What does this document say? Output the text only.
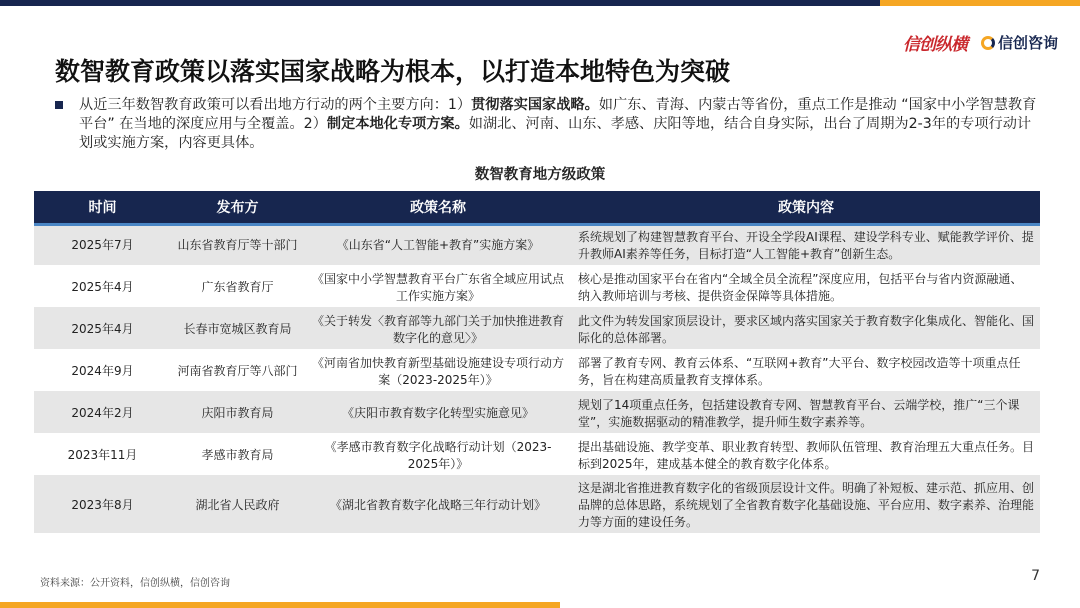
信创纵横 信创咨询
数智教育政策以落实国家战略为根本，以打造本地特色为突破
从近三年数智教育政策可以看出地方行动的两个主要方向：1）贯彻落实国家战略。如广东、青海、内蒙古等省份，重点工作是推动 “国家中小学智慧教育平台” 在当地的深度应用与全覆盖。2）制定本地化专项方案。如湖北、河南、山东、孝感、庆阳等地，结合自身实际，出台了周期为2-3年的专项行动计划或实施方案，内容更具体。
数智教育地方级政策
时间	发布方	政策名称	政策内容
2025年7月	山东省教育厅等十部门	《山东省“人工智能+教育”实施方案》	系统规划了构建智慧教育平台、开设全学段AI课程、建设学科专业、赋能教学评价、提升教师AI素养等任务，目标打造“人工智能+教育”创新生态。
2025年4月	广东省教育厅	《国家中小学智慧教育平台广东省全域应用试点工作实施方案》	核心是推动国家平台在省内“全域全员全流程”深度应用，包括平台与省内资源融通、纳入教师培训与考核、提供资金保障等具体措施。
2025年4月	长春市宽城区教育局	《关于转发〈教育部等九部门关于加快推进教育数字化的意见〉》	此文件为转发国家顶层设计，要求区域内落实国家关于教育数字化集成化、智能化、国际化的总体部署。
2024年9月	河南省教育厅等八部门	《河南省加快教育新型基础设施建设专项行动方案（2023-2025年）》	部署了教育专网、教育云体系、“互联网+教育”大平台、数字校园改造等十项重点任务，旨在构建高质量教育支撑体系。
2024年2月	庆阳市教育局	《庆阳市教育数字化转型实施意见》	规划了14项重点任务，包括建设教育专网、智慧教育平台、云端学校，推广“三个课堂”，实施数据驱动的精准教学，提升师生数字素养等。
2023年11月	孝感市教育局	《孝感市教育数字化战略行动计划（2023-2025年）》	提出基础设施、教学变革、职业教育转型、教师队伍管理、教育治理五大重点任务。目标到2025年，建成基本健全的教育数字化体系。
2023年8月	湖北省人民政府	《湖北省教育数字化战略三年行动计划》	这是湖北省推进教育数字化的省级顶层设计文件。明确了补短板、建示范、抓应用、创品牌的总体思路，系统规划了全省教育数字化基础设施、平台应用、数字素养、治理能力等方面的建设任务。
资料来源：公开资料，信创纵横，信创咨询	7
